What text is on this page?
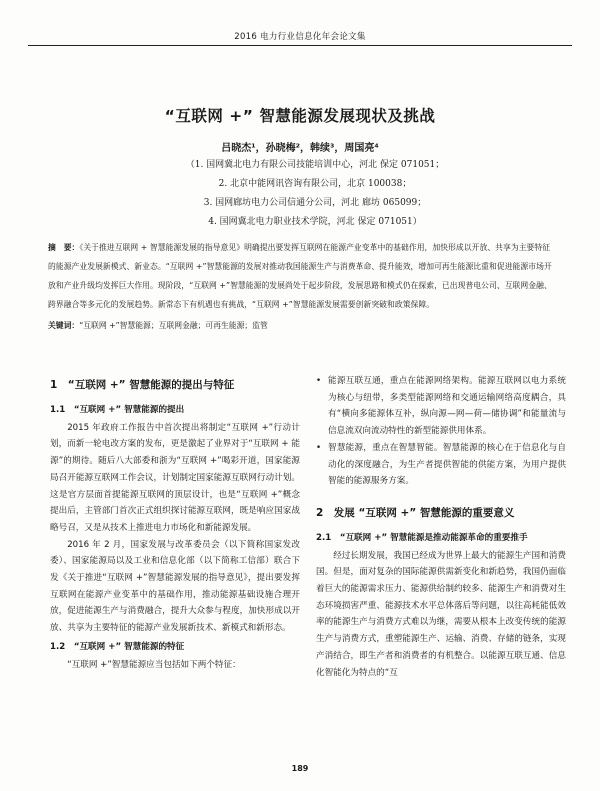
2016 电力行业信息化年会论文集
“互联网 +” 智慧能源发展现状及挑战
吕晓杰¹，孙晓梅²，韩续³，周国亮⁴
（1. 国网冀北电力有限公司技能培训中心，河北 保定 071051；
2. 北京中能网讯咨询有限公司，北京 100038；
3. 国网廊坊电力公司信通分公司，河北 廊坊 065099；
4. 国网冀北电力职业技术学院，河北 保定 071051）
摘　要：《关于推进互联网 + 智慧能源发展的指导意见》明确提出要发挥互联网在能源产业变革中的基础作用，加快形成以开放、共享为主要特征的能源产业发展新模式、新业态。“互联网 +”智慧能源的发展对推动我国能源生产与消费革命、提升能效，增加可再生能源比重和促进能源市场开放和产业升级均发挥巨大作用。现阶段，“互联网 +”智慧能源的发展尚处于起步阶段，发展思路和模式仍在探索，已出现普电公司、互联网金融、跨界融合等多元化的发展趋势。新常态下有机遇也有挑战，“互联网 +”智慧能源发展需要创新突破和政策保障。
关键词：“互联网 +”智慧能源；互联网金融；可再生能源；监管
1　“互联网 +” 智慧能源的提出与特征
1.1　“互联网 +” 智慧能源的提出

2015 年政府工作报告中首次提出将制定“互联网 +”行动计划，而新一轮电改方案的发布，更是激起了业界对于“互联网 + 能源”的期待。随后八大部委和浙为“互联网 +”喝彩开道，国家能源局召开能源互联网工作会议，计划制定国家能源互联网行动计划。这是官方层面首提能源互联网的顶层设计，也是“互联网 +”概念提出后，主管部门首次正式组织探讨能源互联网，既是响应国家战略号召，又是从技术上推进电力市场化和新能源发展。

2016 年 2 月，国家发展与改革委员会（以下简称国家发改委）、国家能源局以及工业和信息化部（以下简称工信部）联合下发《关于推进“互联网 +”智慧能源发展的指导意见》，提出要发挥互联网在能源产业变革中的基础作用，推动能源基础设施合理开放，促进能源生产与消费融合，提升大众参与程度，加快形成以开放、共享为主要特征的能源产业发展新技术、新模式和新形态。

1.2　“互联网 +” 智慧能源的特征

“互联网 +”智慧能源应当包括如下两个特征：

• 能源互联互通，重点在能源网络架构。能源互联网以电力系统为核心与纽带，多类型能源网络和交通运输网络高度耦合，具有“横向多能源体互补，纵向源—网—荷—储协调”和能量流与信息流双向流动特性的新型能源供用体系。
• 智慧能源，重点在智慧智能。智慧能源的核心在于信息化与自动化的深度融合，为生产者提供智能的供能方案，为用户提供智能的能源服务方案。
2　发展 “互联网 +” 智慧能源的重要意义
2.1　“互联网 +” 智慧能源是推动能源革命的重要推手

经过长期发展，我国已经成为世界上最大的能源生产国和消费国。但是，面对复杂的国际能源供需新变化和新趋势，我国仍面临着巨大的能源需求压力、能源供给制约较多、能源生产和消费对生态环境损害严重、能源技术水平总体落后等问题，以往高耗能低效率的能源生产与消费方式难以为继，需要从根本上改变传统的能源生产与消费方式，重塑能源生产、运输、消费、存储的链条，实现产消结合，即生产者和消费者的有机整合。以能源互联互通、信息化智能化为特点的“互

189
